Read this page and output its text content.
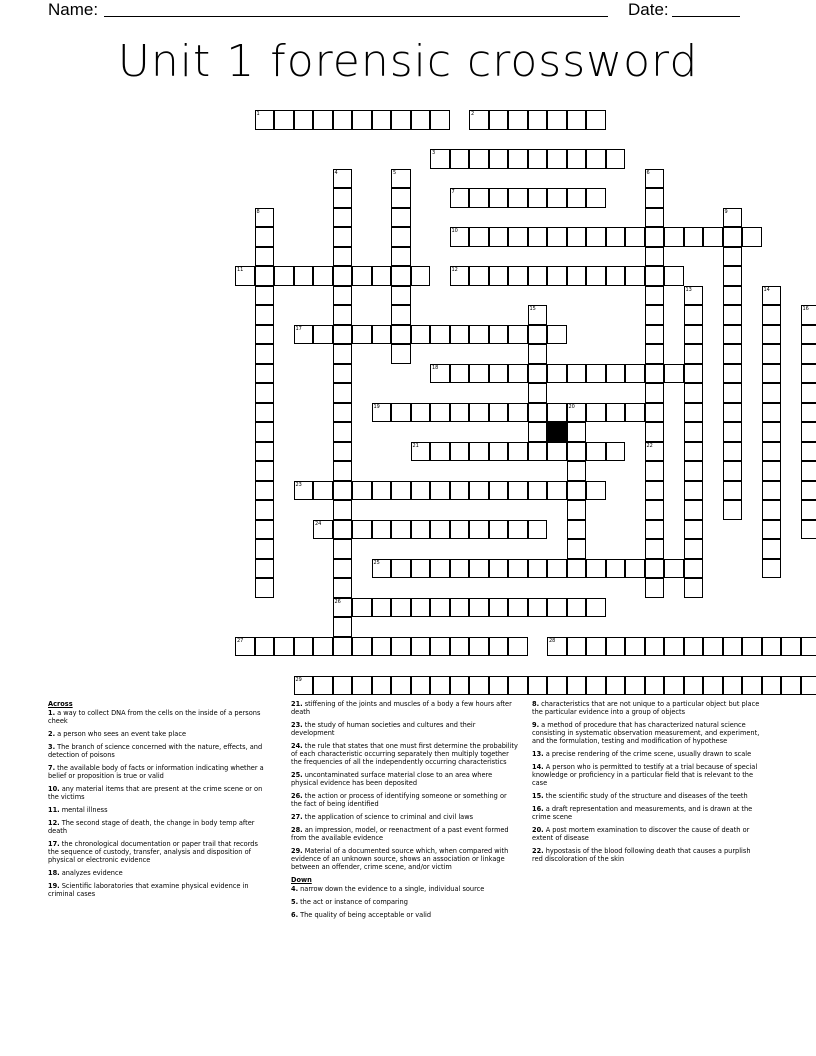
Name:	Date:
Unit 1 forensic crossword
1	2
3
7
10
11	12
17
18
19	20
21
23
24
25
26
27	28
29
4	5	6
22
8	9
13	14
16
15
Across
1. a way to collect DNA from the cells on the inside of a persons cheek
2. a person who sees an event take place
3. The branch of science concerned with the nature, effects, and detection of poisons
7. the available body of facts or information indicating whether a belief or proposition is true or valid
10. any material items that are present at the crime scene or on the victims
11. mental illness
12. The second stage of death, the change in body temp after death
17. the chronological documentation or paper trail that records the sequence of custody, transfer, analysis and disposition of physical or electronic evidence
18. analyzes evidence
19. Scientific laboratories that examine physical evidence in criminal cases
21. stiffening of the joints and muscles of a body a few hours after death
23. the study of human societies and cultures and their development
24. the rule that states that one must first determine the probability of each characteristic occurring separately then multiply together the frequencies of all the independently occurring characteristics
25. uncontaminated surface material close to an area where physical evidence has been deposited
26. the action or process of identifying someone or something or the fact of being identified
27. the application of science to criminal and civil laws
28. an impression, model, or reenactment of a past event formed from the available evidence
29. Material of a documented source which, when compared with evidence of an unknown source, shows an association or linkage between an offender, crime scene, and/or victim
Down
4. narrow down the evidence to a single, individual source
5. the act or instance of comparing
6. The quality of being acceptable or valid
8. characteristics that are not unique to a particular object but place the particular evidence into a group of objects
9. a method of procedure that has characterized natural science consisting in systematic observation measurement, and experiment, and the formulation, testing and modification of hypothese
13. a precise rendering of the crime scene, usually drawn to scale
14. A person who is permitted to testify at a trial because of special knowledge or proficiency in a particular field that is relevant to the case
15. the scientific study of the structure and diseases of the teeth
16. a draft representation and measurements, and is drawn at the crime scene
20. A post mortem examination to discover the cause of death or extent of disease
22. hypostasis of the blood following death that causes a purplish red discoloration of the skin
